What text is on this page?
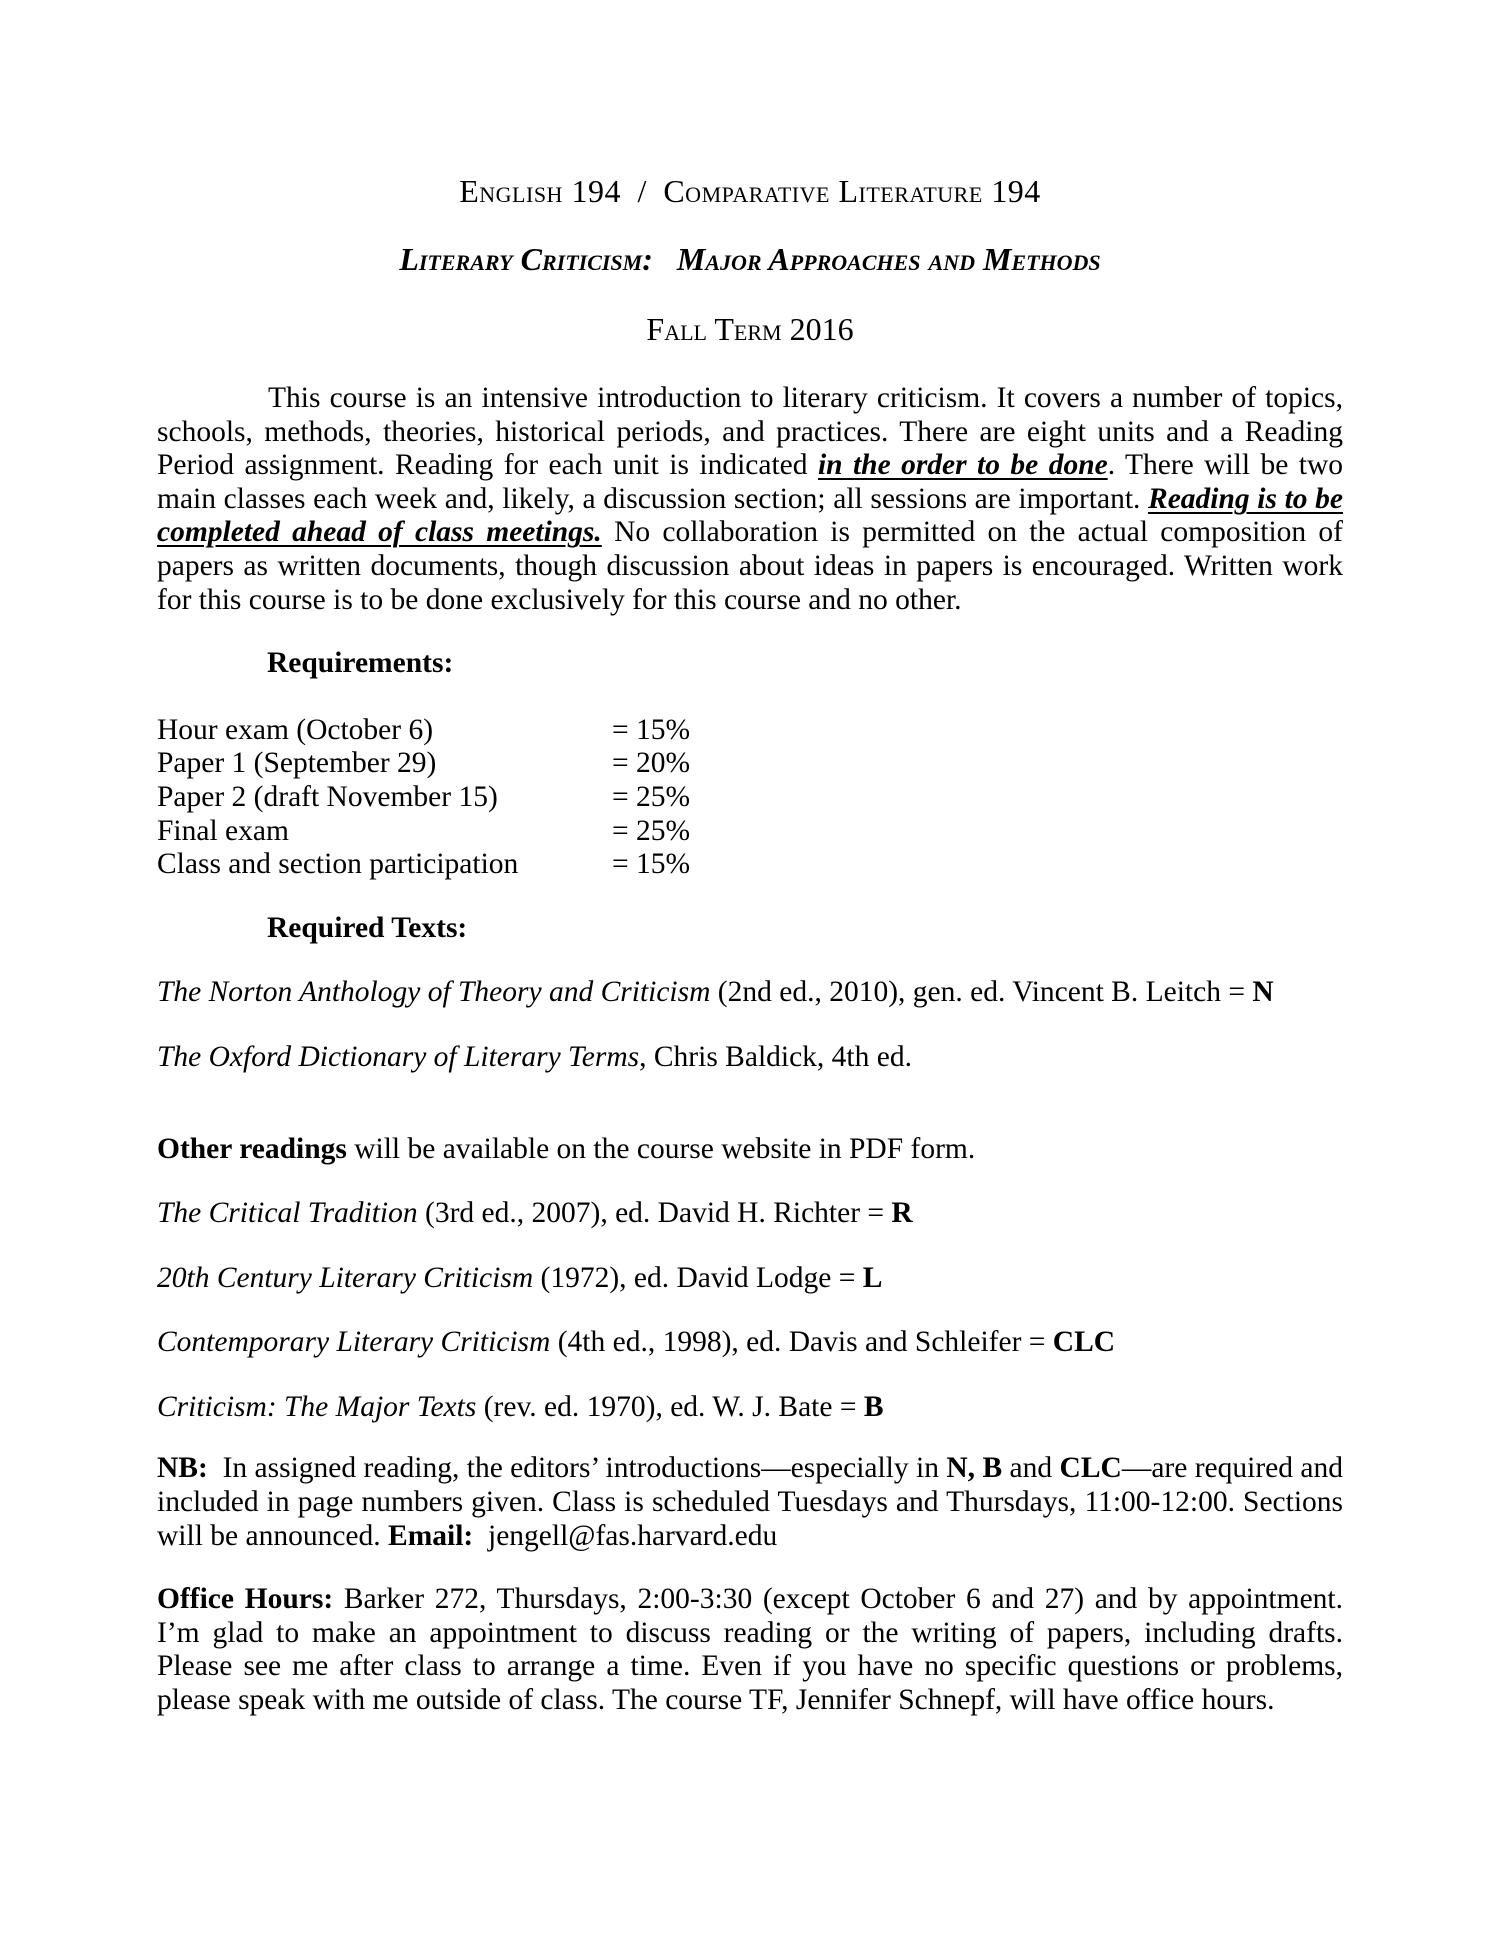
English 194 / Comparative Literature 194

Literary Criticism:  Major Approaches and Methods

Fall Term 2016

This course is an intensive introduction to literary criticism. It covers a number of topics, schools, methods, theories, historical periods, and practices. There are eight units and a Reading Period assignment. Reading for each unit is indicated in the order to be done. There will be two main classes each week and, likely, a discussion section; all sessions are important. Reading is to be completed ahead of class meetings. No collaboration is permitted on the actual composition of papers as written documents, though discussion about ideas in papers is encouraged. Written work for this course is to be done exclusively for this course and no other.

Requirements:

Hour exam (October 6)	= 15%
Paper 1 (September 29)	= 20%
Paper 2 (draft November 15)	= 25%
Final exam	= 25%
Class and section participation	= 15%

Required Texts:

The Norton Anthology of Theory and Criticism (2nd ed., 2010), gen. ed. Vincent B. Leitch = N

The Oxford Dictionary of Literary Terms, Chris Baldick, 4th ed.

Other readings will be available on the course website in PDF form.

The Critical Tradition (3rd ed., 2007), ed. David H. Richter = R

20th Century Literary Criticism (1972), ed. David Lodge = L

Contemporary Literary Criticism (4th ed., 1998), ed. Davis and Schleifer = CLC

Criticism: The Major Texts (rev. ed. 1970), ed. W. J. Bate = B

NB: In assigned reading, the editors’ introductions—especially in N, B and CLC—are required and included in page numbers given. Class is scheduled Tuesdays and Thursdays, 11:00-12:00. Sections will be announced. Email: jengell@fas.harvard.edu

Office Hours: Barker 272, Thursdays, 2:00-3:30 (except October 6 and 27) and by appointment. I’m glad to make an appointment to discuss reading or the writing of papers, including drafts. Please see me after class to arrange a time. Even if you have no specific questions or problems, please speak with me outside of class. The course TF, Jennifer Schnepf, will have office hours.
